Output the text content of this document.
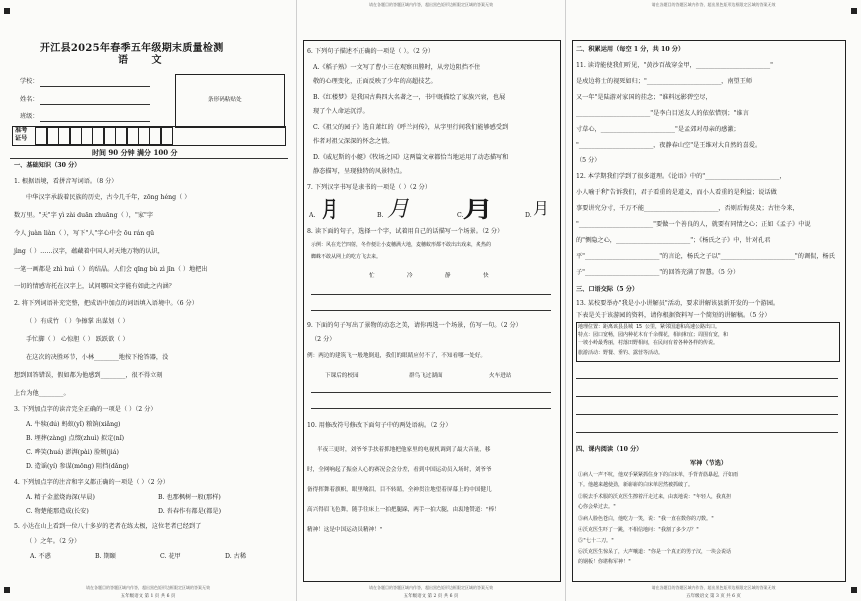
开江县2025年春季五年级期末质量检测
语 文
学校：
姓名：
班级：
条形码粘贴处
准考
证号
时间 90 分钟 满分 100 分
一、基础知识（30 分）
1. 根据语境，看拼音写词语。（8 分）
中华汉字承载着民族的历史，古今几千年，zōng héng（ ）
数万里。"天"字 yì zài duān zhuāng（ ），"家"字
令人 juàn liàn（ ），写下"人"字心中会 ōu rán qū
jìng（ ）……汉字，蕴藏着中国人对天地万物的认识，
一笔一画都是 zhì huì（ ）的结晶。人们会 qīng bù zì jīn（ ）地把出
一切的情感寄托在汉字上，试问哪国文字能有如此之内涵？
2. 将下列词语补充完整，把成语中加点的词语填入语境中。（6 分）
（ ）有成竹 （ ）争擦掌 出谋划（ ）
手忙脚（ ） 心惊胆（ ） 跃跃欲（ ）
在这次的决胜环节，小林________地按下抢答器，没
想到回答错误，假如都为他感到________，很不得立刻
上台为他________。
3. 下列加点字的读音完全正确的一项是（ ）（2 分）
A. 牛犊(dú) 蚂蚁(yǐ) 粮饷(xiǎng)
B. 埋葬(zàng) 点缀(zhuì) 拟定(nǐ)
C. 哗笑(huá) 澎湃(pài) 脸颊(jiá)
D. 造谣(yí) 参谋(mōng) 阻挡(dǎng)
4. 下列加点字的注音和字义都正确的一项是（ ）（2 分）
A. 精子金蓝烧海深(早晨)	B. 也那枫树一般(那样)
C. 物楚能那造成(长安)	D. 沓春作有都是(都是)
5. 小达在山上看到一位八十多岁的老者在练太极，这位老者已经到了
（ ）之年。（2 分）
A. 不惑	B. 期颐	C. 花甲	D. 古稀
请在各题目的答题区域内作答，超出黑色矩形边框限定区域的答案无效
五年级语文 第 1 页 共 6 页
请在各题目的答题区域内作答，超出黑色矩形边框限定区域的答案无效
6. 下列句子描述不正确的一项是（ ）。（2 分）
A.《稻子熟》一文写了曹小三在观察田塍时，从旁边阻挡不住
敬的心理变化，正面反映了少年的高超技艺。
B.《红楼梦》是我国古典四大名著之一，书中既描绘了家族兴衰，也展
现了个人命运沉浮。
C.《祖父的园子》选自萧红的《呼兰河传》，从字里行间我们能够感受到
作者对祖父深深的怀念之情。
D.《威尼斯的小艇》《牧场之国》这两篇文章都恰当地运用了动态描写和
静态描写，呈现独特的风景特点。
7. 下列汉字书写是隶书的一项是（ ）（2 分）
A. 月	B. 月	C. 月	D. 月
8. 读下面的句子，选择一个字，试着用自己的话描写一个场景。（2 分）
示例：风在光芒四射，冬作便让小麦穗满大地，麦穗蚁形都不敢出出戏来，炙热的
蜘蛛不敢从网上的吃方飞去来。
忙	冷	静	快
9. 下面的句子写出了景物的动态之美，请你再选一个场景，仿写一句。（2 分）
（2 分）
例：两边的建筑飞一般地倒退，我们的眼睛应付不了，不知看哪一处好。
下课后的校园	群鸟飞过湖面	火车进站
10. 用修改符号修改下面句子中的两处语病。（2 分）
半夜三更时，刘爷爷手扶着抓地把他家里的电视机调到了最大音量，移
时，全网响起了振奋人心的赛况会会分差，看到中国运动员入场时，刘爷爷
备得挥舞着旗帜，眼里噙泪，目不转睛，全神贯注地望着屏幕上的中国健儿
高兴得眉飞色舞，随手往床上一拍把腿跺，两手一拍大腿，由衷地赞道："棒！
精神！这是中国运动员精神！"
请在各题目的答题区域内作答，超出黑色矩形边框限定区域的答案无效
五年级语文 第 2 页 共 6 页
请在各题目的答题区域内作答，超出黑色矩形边框限定区域的答案无效
二、积累运用（每空 1 分，共 10 分）
11. 读诗能使我们听见，"黄沙百战穿金甲，________________________"
是戍边将士的视死如归；"________________________，南望王师
又一年"是陆游对家国的挂念；"谁料远影碧空尽，
________________________"是李白目送友人的依依惜别；"谁言
寸草心，________________________"是孟郊对母亲的感激；
"________________________，夜静春山空"是王维对大自然的喜爱。
（5 分）
12. 本学期我们学到了很多道理。《论语》中的"________________________，
小人喻于利"告诉我们，君子看重的是道义，而小人看重的是利益；说话做
事要讲究分寸，千万不能________________________，否则后悔莫及；古往今来，
"________________________"要做一个善良的人，就要有同情之心；正如《孟子》中说
的"恻隐之心，________________________"；《杨氏之子》中，针对孔君
平"________________________"的言论，杨氏之子以"________________________"的调侃，杨氏
子"________________________"的回答充满了智慧。（5 分）
三、口语交际（5 分）
13. 某校要举办"我是小小讲解员"活动，要求讲解该县新开发的一个游园。
下表是关于该游园的资料，请你根据资料写一个简短的讲解稿。（5 分）
地理位置：距离该县县城 15 公里，紧邻国道和高速公路出口。
特点：园口宽畅，园内种花木有千余棵花，相间和宜；周围有宽，和
一坡小岭最秀丽，村落田野相间，在民间有着各种各样的传说。
旅游活动：野餐、垂钓、露营等活动。
四、课内阅读（10 分）
军神（节选）
①病人一声不吭，他双手紧紧抓住身下的白床单，手背青筋暴起，汗如雨
下。他越来越使劲，新崭崭的白床单居然被抓破了。
②脱去手术服的沃克医生擦着汗走过来，由衷地说："年轻人，我真担
心你会晕过去。"
③病人脸色苍白，他吃力一笑，说："我一直在数你的刀数。"
④沃克医生吓了一跳，不相信地问："我割了多少刀？"
⑤"七十二刀。"
⑥沃克医生惊呆了，大声嚷道："你是一个真正的男子汉，一块会说话
的钢板！你堪称军神！"
请在各题目的答题区域内作答，超出黑色矩形边框限定区域的答案无效
五年级语文 第 3 页 共 6 页
